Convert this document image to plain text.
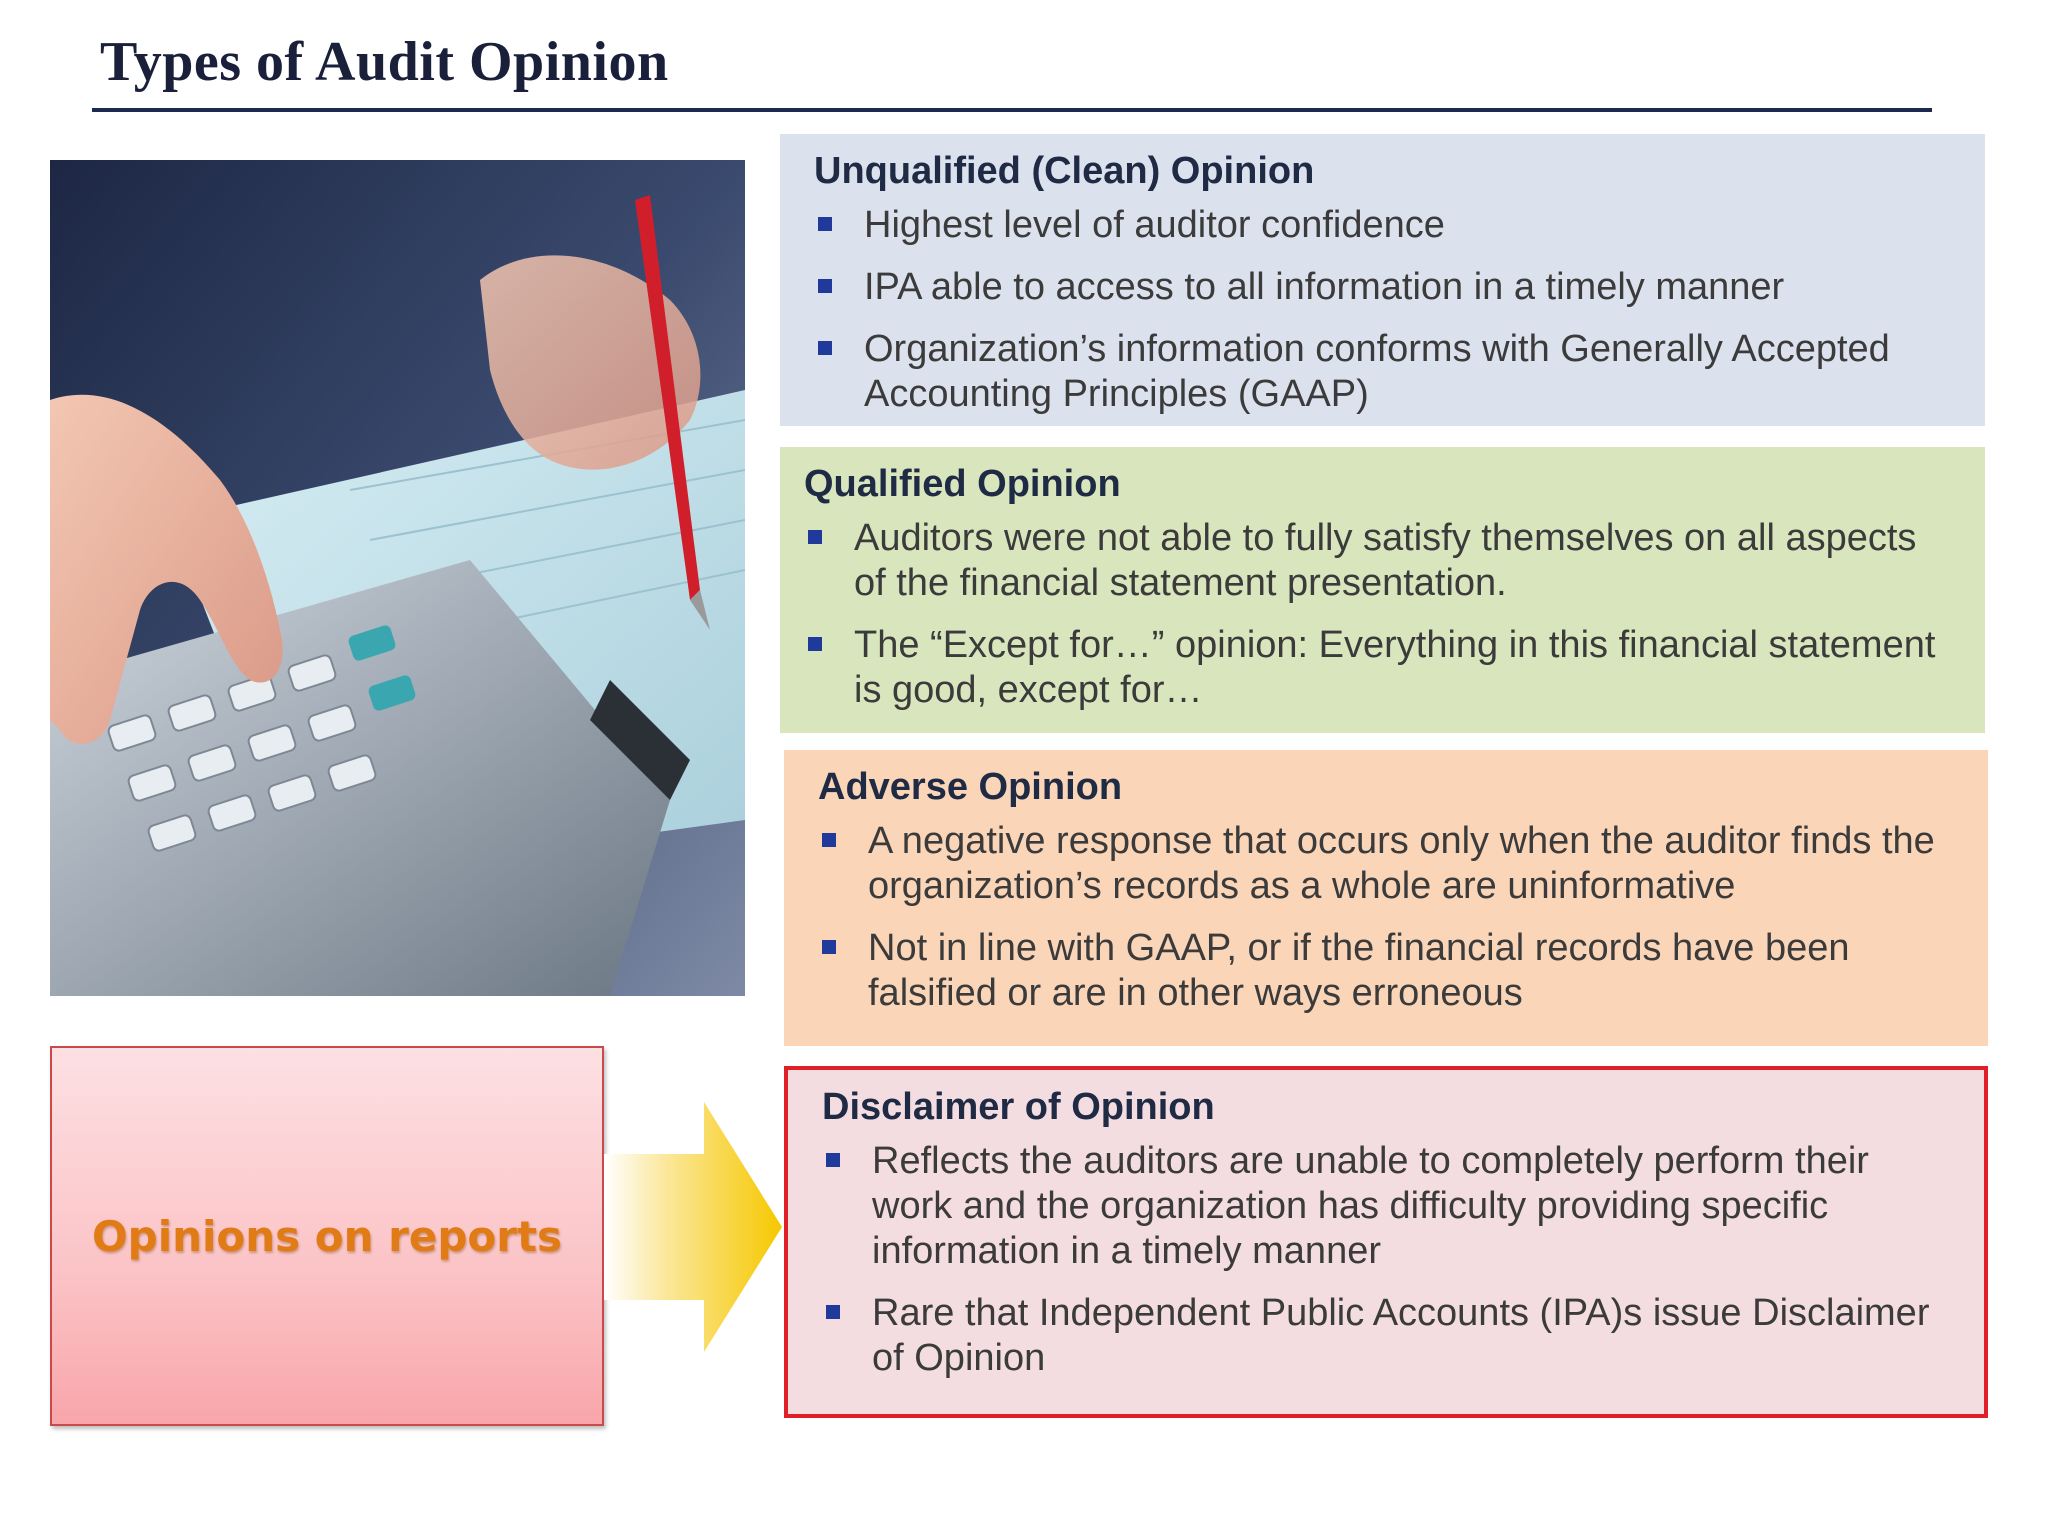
Types of Audit Opinion
Opinions on reports
Unqualified (Clean) Opinion
Highest level of auditor confidence
IPA able to access to all information in a timely manner
Organization’s information conforms with Generally Accepted Accounting Principles (GAAP)
Qualified Opinion
Auditors were not able to fully satisfy themselves on all aspects of the financial statement presentation.
The “Except for…” opinion: Everything in this financial statement is good, except for…
Adverse Opinion
A negative response that occurs only when the auditor finds the organization’s records as a whole are uninformative
Not in line with GAAP, or if the financial records have been falsified or are in other ways erroneous
Disclaimer of Opinion
Reflects the auditors are unable to completely perform their work and the organization has difficulty providing specific information in a timely manner
Rare that Independent Public Accounts (IPA)s issue Disclaimer of Opinion
